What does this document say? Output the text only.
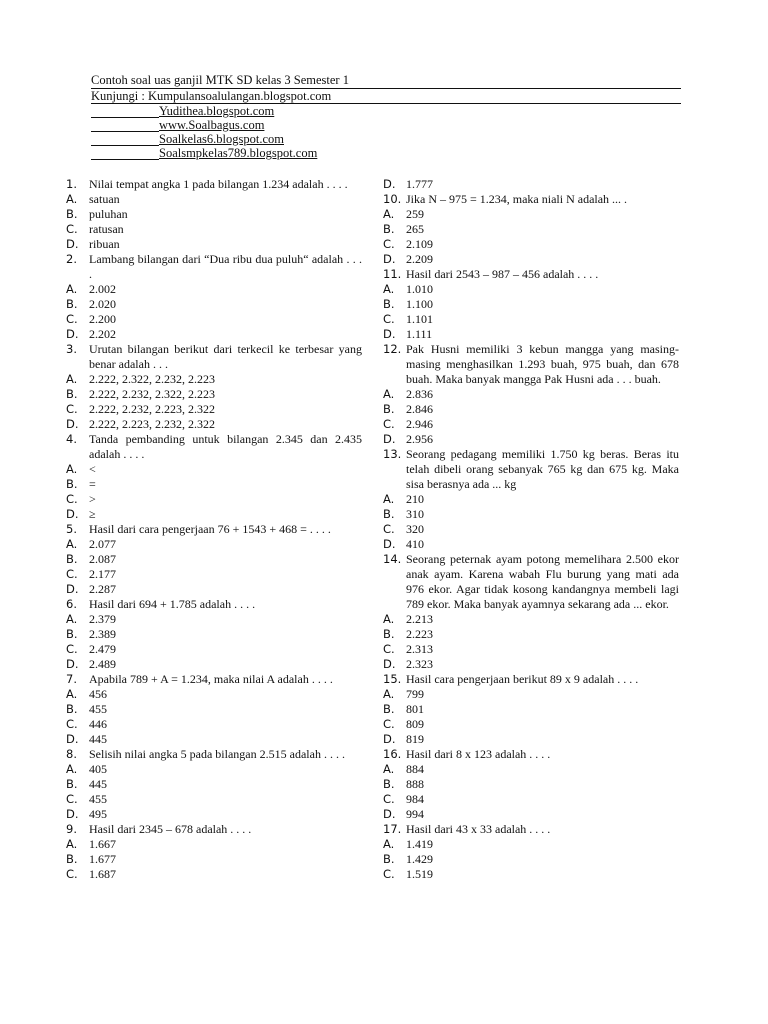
Contoh soal uas ganjil MTK SD kelas 3 Semester 1
Kunjungi : Kumpulansoalulangan.blogspot.com
Yudithea.blogspot.com
www.Soalbagus.com
Soalkelas6.blogspot.com
Soalsmpkelas789.blogspot.com
1. Nilai tempat angka 1 pada bilangan 1.234 adalah . . . .
A. satuan
B. puluhan
C. ratusan
D. ribuan
2. Lambang bilangan dari “Dua ribu dua puluh“ adalah . . . .
A. 2.002
B. 2.020
C. 2.200
D. 2.202
3. Urutan bilangan berikut dari terkecil ke terbesar yang benar adalah . . .
A. 2.222, 2.322, 2.232, 2.223
B. 2.222, 2.232, 2.322, 2.223
C. 2.222, 2.232, 2.223, 2.322
D. 2.222, 2.223, 2.232, 2.322
4. Tanda pembanding untuk bilangan 2.345 dan 2.435 adalah . . . .
A. <
B. =
C. >
D. ≥
5. Hasil dari cara pengerjaan 76 + 1543 + 468 = . . . .
A. 2.077
B. 2.087
C. 2.177
D. 2.287
6. Hasil dari 694 + 1.785 adalah . . . .
A. 2.379
B. 2.389
C. 2.479
D. 2.489
7. Apabila 789 + A = 1.234, maka nilai A adalah . . . .
A. 456
B. 455
C. 446
D. 445
8. Selisih nilai angka 5 pada bilangan 2.515 adalah . . . .
A. 405
B. 445
C. 455
D. 495
9. Hasil dari 2345 – 678 adalah . . . .
A. 1.667
B. 1.677
C. 1.687
D. 1.777
10. Jika N – 975 = 1.234, maka niali N adalah ... .
A. 259
B. 265
C. 2.109
D. 2.209
11. Hasil dari 2543 – 987 – 456 adalah . . . .
A. 1.010
B. 1.100
C. 1.101
D. 1.111
12. Pak Husni memiliki 3 kebun mangga yang masing-masing menghasilkan 1.293 buah, 975 buah, dan 678 buah. Maka banyak mangga Pak Husni ada . . . buah.
A. 2.836
B. 2.846
C. 2.946
D. 2.956
13. Seorang pedagang memiliki 1.750 kg beras. Beras itu telah dibeli orang sebanyak 765 kg dan 675 kg. Maka sisa berasnya ada ... kg
A. 210
B. 310
C. 320
D. 410
14. Seorang peternak ayam potong memelihara 2.500 ekor anak ayam. Karena wabah Flu burung yang mati ada 976 ekor. Agar tidak kosong kandangnya membeli lagi 789 ekor. Maka banyak ayamnya sekarang ada ... ekor.
A. 2.213
B. 2.223
C. 2.313
D. 2.323
15. Hasil cara pengerjaan berikut 89 x 9 adalah . . . .
A. 799
B. 801
C. 809
D. 819
16. Hasil dari 8 x 123 adalah . . . .
A. 884
B. 888
C. 984
D. 994
17. Hasil dari 43 x 33 adalah . . . .
A. 1.419
B. 1.429
C. 1.519
